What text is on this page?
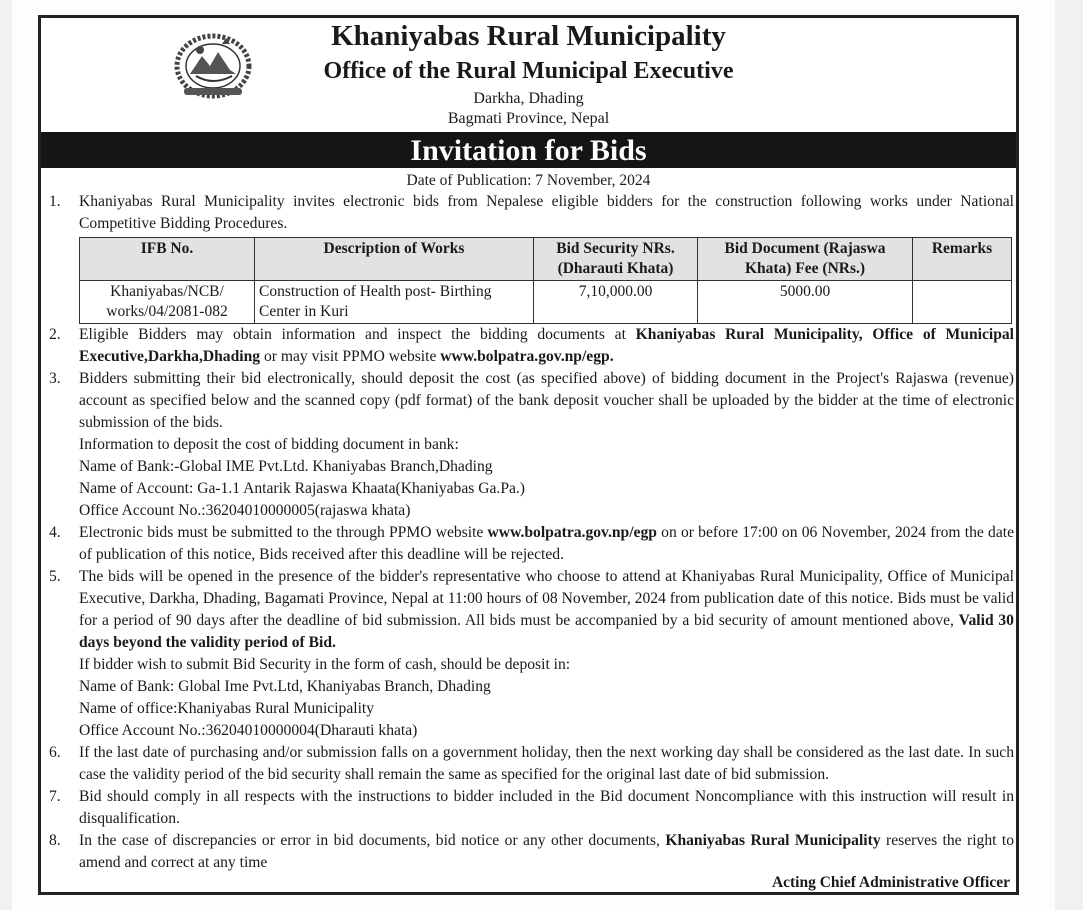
Khaniyabas Rural Municipality
Office of the Rural Municipal Executive
Darkha, Dhading
Bagmati Province, Nepal
Invitation for Bids
Date of Publication: 7 November, 2024
1. Khaniyabas Rural Municipality invites electronic bids from Nepalese eligible bidders for the construction following works under National Competitive Bidding Procedures.
IFB No.	Description of Works	Bid Security NRs. (Dharauti Khata)	Bid Document (Rajaswa Khata) Fee (NRs.)	Remarks
Khaniyabas/NCB/ works/04/2081-082	Construction of Health post- Birthing Center in Kuri	7,10,000.00	5000.00	
2. Eligible Bidders may obtain information and inspect the bidding documents at Khaniyabas Rural Municipality, Office of Municipal Executive,Darkha,Dhading or may visit PPMO website www.bolpatra.gov.np/egp.
3. Bidders submitting their bid electronically, should deposit the cost (as specified above) of bidding document in the Project's Rajaswa (revenue) account as specified below and the scanned copy (pdf format) of the bank deposit voucher shall be uploaded by the bidder at the time of electronic submission of the bids.
Information to deposit the cost of bidding document in bank:
Name of Bank:-Global IME Pvt.Ltd. Khaniyabas Branch,Dhading
Name of Account: Ga-1.1 Antarik Rajaswa Khaata(Khaniyabas Ga.Pa.)
Office Account No.:36204010000005(rajaswa khata)
4. Electronic bids must be submitted to the through PPMO website www.bolpatra.gov.np/egp on or before 17:00 on 06 November, 2024 from the date of publication of this notice, Bids received after this deadline will be rejected.
5. The bids will be opened in the presence of the bidder's representative who choose to attend at Khaniyabas Rural Municipality, Office of Municipal Executive, Darkha, Dhading, Bagamati Province, Nepal at 11:00 hours of 08 November, 2024 from publication date of this notice. Bids must be valid for a period of 90 days after the deadline of bid submission. All bids must be accompanied by a bid security of amount mentioned above, Valid 30 days beyond the validity period of Bid.
If bidder wish to submit Bid Security in the form of cash, should be deposit in:
Name of Bank: Global Ime Pvt.Ltd, Khaniyabas Branch, Dhading
Name of office:Khaniyabas Rural Municipality
Office Account No.:36204010000004(Dharauti khata)
6. If the last date of purchasing and/or submission falls on a government holiday, then the next working day shall be considered as the last date. In such case the validity period of the bid security shall remain the same as specified for the original last date of bid submission.
7. Bid should comply in all respects with the instructions to bidder included in the Bid document Noncompliance with this instruction will result in disqualification.
8. In the case of discrepancies or error in bid documents, bid notice or any other documents, Khaniyabas Rural Municipality reserves the right to amend and correct at any time
Acting Chief Administrative Officer
